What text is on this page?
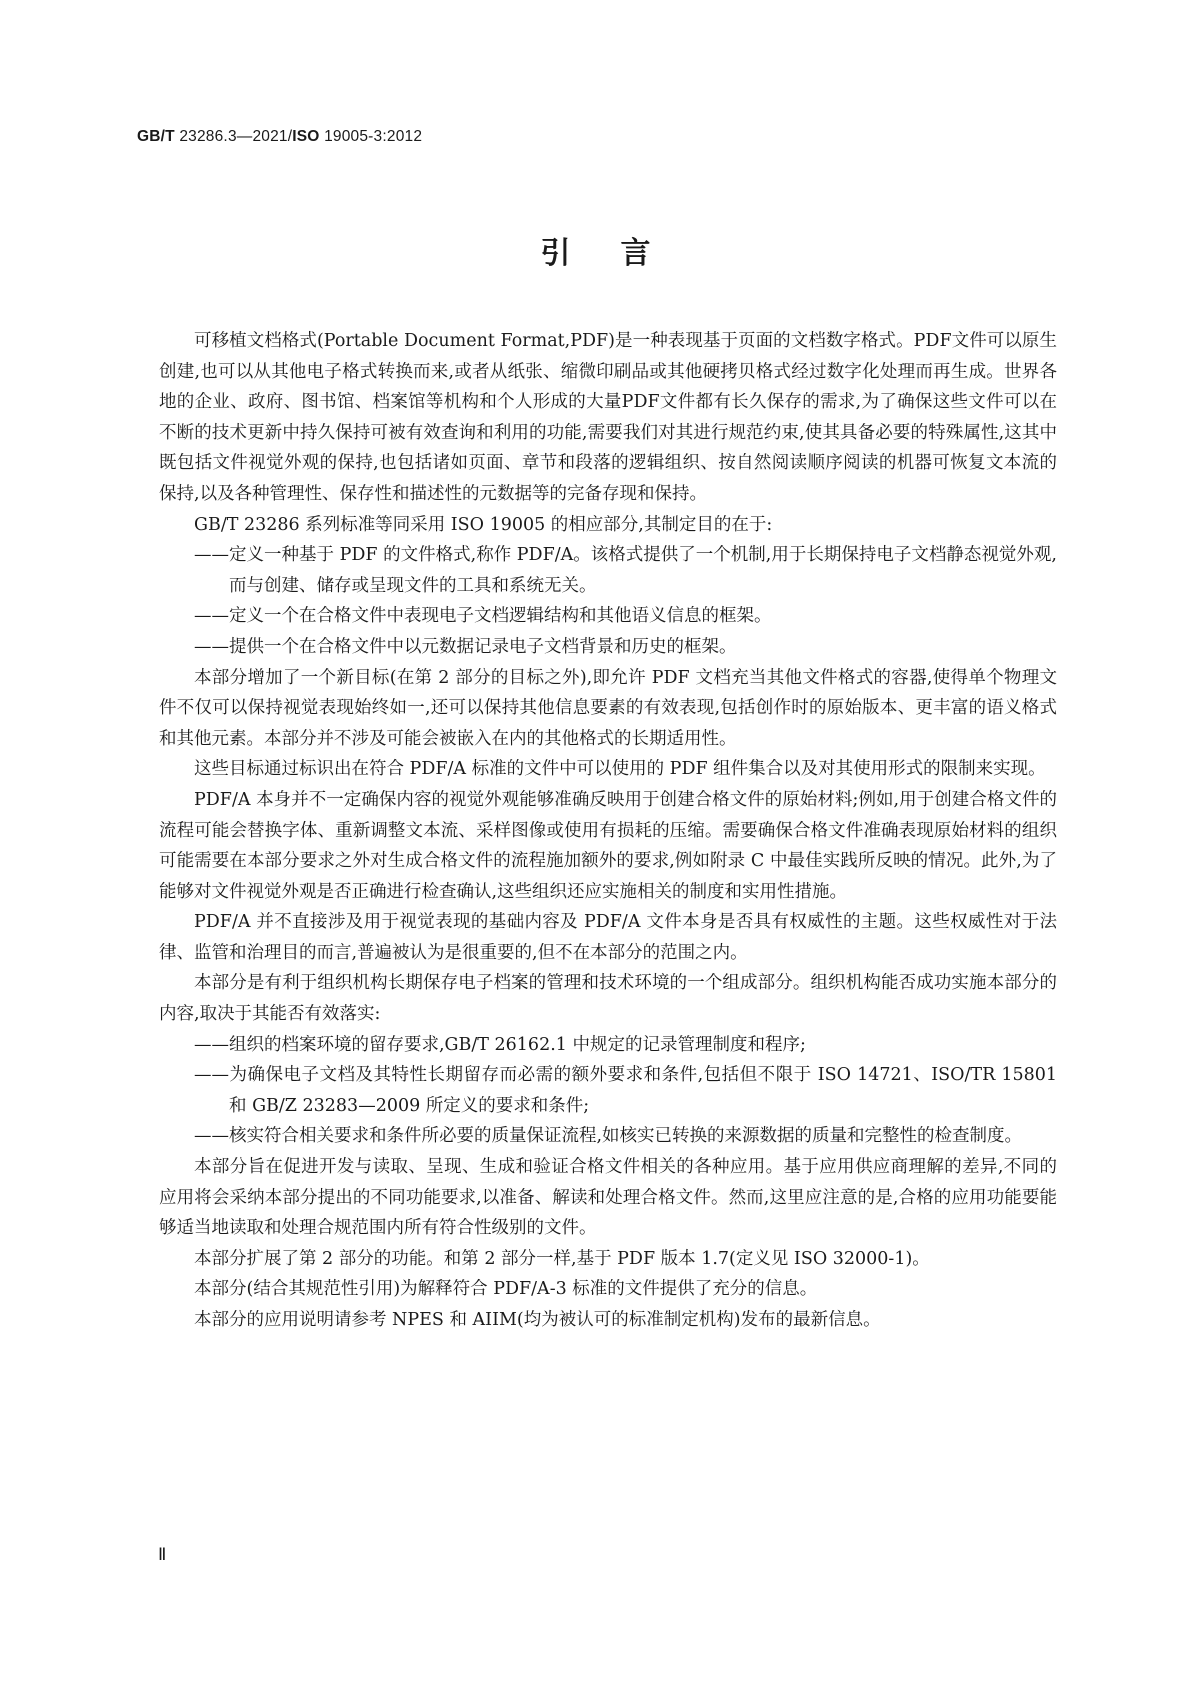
GB/T 23286.3—2021/ISO 19005-3:2012
引言

可移植文档格式(Portable Document Format,PDF)是一种表现基于页面的文档数字格式。PDF文件可以原生创建,也可以从其他电子格式转换而来,或者从纸张、缩微印刷品或其他硬拷贝格式经过数字化处理而再生成。世界各地的企业、政府、图书馆、档案馆等机构和个人形成的大量PDF文件都有长久保存的需求,为了确保这些文件可以在不断的技术更新中持久保持可被有效查询和利用的功能,需要我们对其进行规范约束,使其具备必要的特殊属性,这其中既包括文件视觉外观的保持,也包括诸如页面、章节和段落的逻辑组织、按自然阅读顺序阅读的机器可恢复文本流的保持,以及各种管理性、保存性和描述性的元数据等的完备存现和保持。

GB/T 23286 系列标准等同采用 ISO 19005 的相应部分,其制定目的在于:

——定义一种基于 PDF 的文件格式,称作 PDF/A。该格式提供了一个机制,用于长期保持电子文档静态视觉外观,而与创建、储存或呈现文件的工具和系统无关。

——定义一个在合格文件中表现电子文档逻辑结构和其他语义信息的框架。

——提供一个在合格文件中以元数据记录电子文档背景和历史的框架。

本部分增加了一个新目标(在第 2 部分的目标之外),即允许 PDF 文档充当其他文件格式的容器,使得单个物理文件不仅可以保持视觉表现始终如一,还可以保持其他信息要素的有效表现,包括创作时的原始版本、更丰富的语义格式和其他元素。本部分并不涉及可能会被嵌入在内的其他格式的长期适用性。

这些目标通过标识出在符合 PDF/A 标准的文件中可以使用的 PDF 组件集合以及对其使用形式的限制来实现。

PDF/A 本身并不一定确保内容的视觉外观能够准确反映用于创建合格文件的原始材料;例如,用于创建合格文件的流程可能会替换字体、重新调整文本流、采样图像或使用有损耗的压缩。需要确保合格文件准确表现原始材料的组织可能需要在本部分要求之外对生成合格文件的流程施加额外的要求,例如附录 C 中最佳实践所反映的情况。此外,为了能够对文件视觉外观是否正确进行检查确认,这些组织还应实施相关的制度和实用性措施。

PDF/A 并不直接涉及用于视觉表现的基础内容及 PDF/A 文件本身是否具有权威性的主题。这些权威性对于法律、监管和治理目的而言,普遍被认为是很重要的,但不在本部分的范围之内。

本部分是有利于组织机构长期保存电子档案的管理和技术环境的一个组成部分。组织机构能否成功实施本部分的内容,取决于其能否有效落实:

——组织的档案环境的留存要求,GB/T 26162.1 中规定的记录管理制度和程序;

——为确保电子文档及其特性长期留存而必需的额外要求和条件,包括但不限于 ISO 14721、ISO/TR 15801 和 GB/Z 23283—2009 所定义的要求和条件;

——核实符合相关要求和条件所必要的质量保证流程,如核实已转换的来源数据的质量和完整性的检查制度。

本部分旨在促进开发与读取、呈现、生成和验证合格文件相关的各种应用。基于应用供应商理解的差异,不同的应用将会采纳本部分提出的不同功能要求,以准备、解读和处理合格文件。然而,这里应注意的是,合格的应用功能要能够适当地读取和处理合规范围内所有符合性级别的文件。

本部分扩展了第 2 部分的功能。和第 2 部分一样,基于 PDF 版本 1.7(定义见 ISO 32000-1)。

本部分(结合其规范性引用)为解释符合 PDF/A-3 标准的文件提供了充分的信息。

本部分的应用说明请参考 NPES 和 AIIM(均为被认可的标准制定机构)发布的最新信息。

Ⅱ
